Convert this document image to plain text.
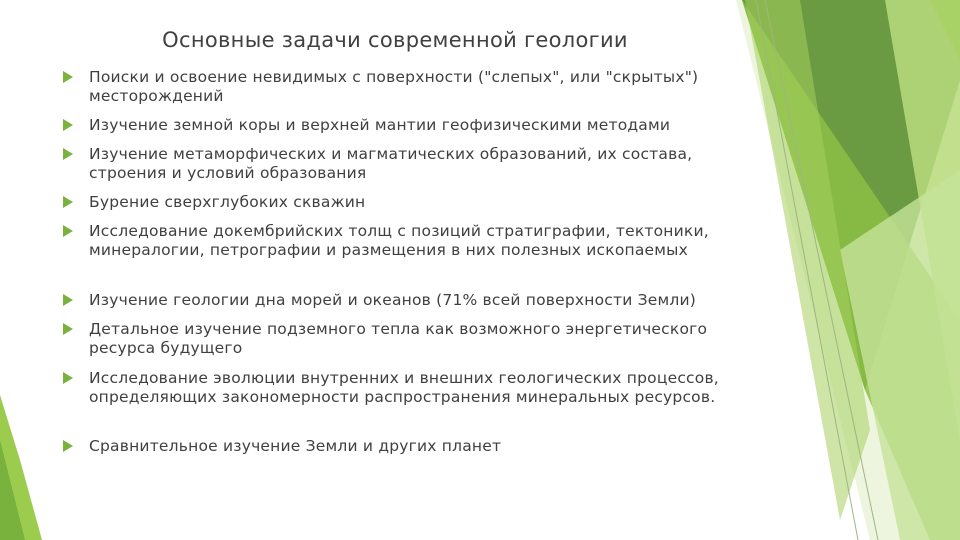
Основные задачи современной геологии
Поиски и освоение невидимых с поверхности ("слепых", или "скрытых") месторождений
Изучение земной коры и верхней мантии геофизическими методами
Изучение метаморфических и магматических образований, их состава, строения и условий образования
Бурение сверхглубоких скважин
Исследование докембрийских толщ с позиций стратиграфии, тектоники, минералогии, петрографии и размещения в них полезных ископаемых
Изучение геологии дна морей и океанов (71% всей поверхности Земли)
Детальное изучение подземного тепла как возможного энергетического ресурса будущего
Исследование эволюции внутренних и внешних геологических процессов, определяющих закономерности распространения минеральных ресурсов.
Сравнительное изучение Земли и других планет
